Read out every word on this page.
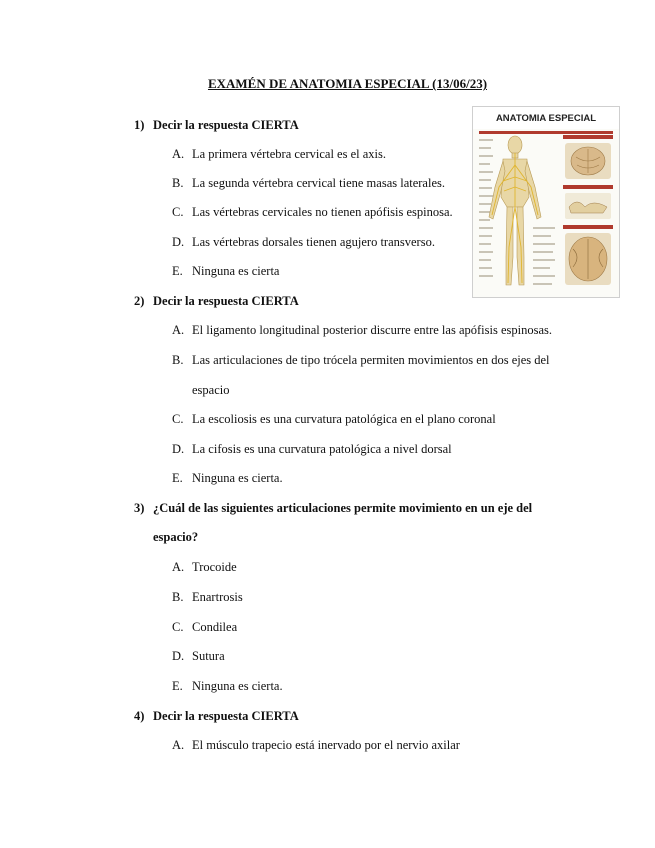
EXAMÉN DE ANATOMIA ESPECIAL (13/06/23)
ANATOMIA ESPECIAL
1) Decir la respuesta CIERTA
A. La primera vértebra cervical es el axis.
B. La segunda vértebra cervical tiene masas laterales.
C. Las vértebras cervicales no tienen apófisis espinosa.
D. Las vértebras dorsales tienen agujero transverso.
E. Ninguna es cierta
2) Decir la respuesta CIERTA
A. El ligamento longitudinal posterior discurre entre las apófisis espinosas.
B. Las articulaciones de tipo trócela permiten movimientos en dos ejes del
espacio
C. La escoliosis es una curvatura patológica en el plano coronal
D. La cifosis es una curvatura patológica a nivel dorsal
E. Ninguna es cierta.
3) ¿Cuál de las siguientes articulaciones permite movimiento en un eje del
espacio?
A. Trocoide
B. Enartrosis
C. Condilea
D. Sutura
E. Ninguna es cierta.
4) Decir la respuesta CIERTA
A. El músculo trapecio está inervado por el nervio axilar
